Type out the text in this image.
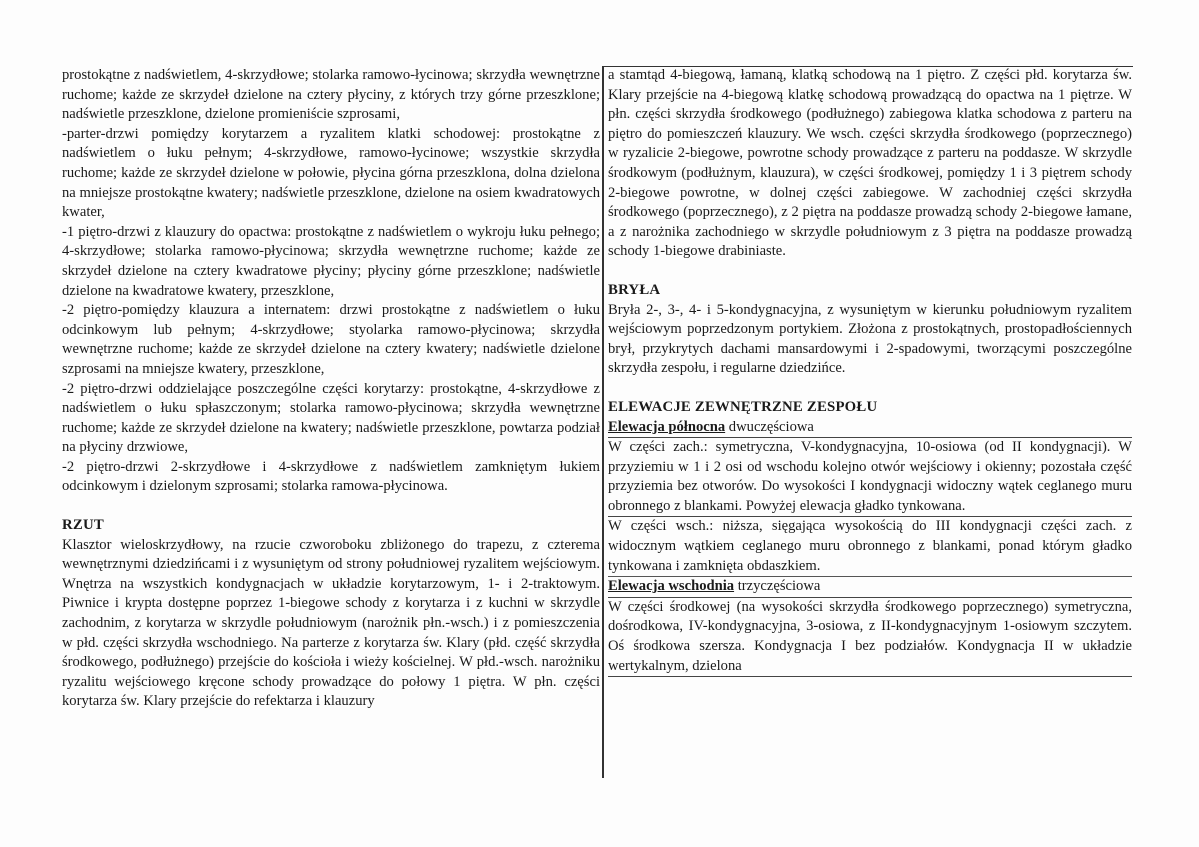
prostokątne z nadświetlem, 4-skrzydłowe; stolarka ramowo-łycinowa; skrzydła wewnętrzne ruchome; każde ze skrzydeł dzielone na cztery płyciny, z których trzy górne przeszklone; nadświetle przeszklone, dzielone promieniście szprosami,

-parter-drzwi pomiędzy korytarzem a ryzalitem klatki schodowej: prostokątne z nadświetlem o łuku pełnym; 4-skrzydłowe, ramowo-łycinowe; wszystkie skrzydła ruchome; każde ze skrzydeł dzielone w połowie, płycina górna przeszklona, dolna dzielona na mniejsze prostokątne kwatery; nadświetle przeszklone, dzielone na osiem kwadratowych kwater,

-1 piętro-drzwi z klauzury do opactwa: prostokątne z nadświetlem o wykroju łuku pełnego; 4-skrzydłowe; stolarka ramowo-płycinowa; skrzydła wewnętrzne ruchome; każde ze skrzydeł dzielone na cztery kwadratowe płyciny; płyciny górne przeszklone; nadświetle dzielone na kwadratowe kwatery, przeszklone,

-2 piętro-pomiędzy klauzura a internatem: drzwi prostokątne z nadświetlem o łuku odcinkowym lub pełnym; 4-skrzydłowe; styolarka ramowo-płycinowa; skrzydła wewnętrzne ruchome; każde ze skrzydeł dzielone na cztery kwatery; nadświetle dzielone szprosami na mniejsze kwatery, przeszklone,

-2 piętro-drzwi oddzielające poszczególne części korytarzy: prostokątne, 4-skrzydłowe z nadświetlem o łuku spłaszczonym; stolarka ramowo-płycinowa; skrzydła wewnętrzne ruchome; każde ze skrzydeł dzielone na kwatery; nadświetle przeszklone, powtarza podział na płyciny drzwiowe,

-2 piętro-drzwi 2-skrzydłowe i 4-skrzydłowe z nadświetlem zamkniętym łukiem odcinkowym i dzielonym szprosami; stolarka ramowa-płycinowa.

RZUT

Klasztor wieloskrzydłowy, na rzucie czworoboku zbliżonego do trapezu, z czterema wewnętrznymi dziedzińcami i z wysuniętym od strony południowej ryzalitem wejściowym. Wnętrza na wszystkich kondygnacjach w układzie korytarzowym, 1- i 2-traktowym. Piwnice i krypta dostępne poprzez 1-biegowe schody z korytarza i z kuchni w skrzydle zachodnim, z korytarza w skrzydle południowym (narożnik płn.-wsch.) i z pomieszczenia w płd. części skrzydła wschodniego. Na parterze z korytarza św. Klary (płd. część skrzydła środkowego, podłużnego) przejście do kościoła i wieży kościelnej. W płd.-wsch. narożniku ryzalitu wejściowego kręcone schody prowadzące do połowy 1 piętra. W płn. części korytarza św. Klary przejście do refektarza i klauzury

a stamtąd 4-biegową, łamaną, klatką schodową na 1 piętro. Z części płd. korytarza św. Klary przejście na 4-biegową klatkę schodową prowadzącą do opactwa na 1 piętrze. W płn. części skrzydła środkowego (podłużnego) zabiegowa klatka schodowa z parteru na piętro do pomieszczeń klauzury. We wsch. części skrzydła środkowego (poprzecznego) w ryzalicie 2-biegowe, powrotne schody prowadzące z parteru na poddasze. W skrzydle środkowym (podłużnym, klauzura), w części środkowej, pomiędzy 1 i 3 piętrem schody 2-biegowe powrotne, w dolnej części zabiegowe. W zachodniej części skrzydła środkowego (poprzecznego), z 2 piętra na poddasze prowadzą schody 2-biegowe łamane, a z narożnika zachodniego w skrzydle południowym z 3 piętra na poddasze prowadzą schody 1-biegowe drabiniaste.

BRYŁA

Bryła 2-, 3-, 4- i 5-kondygnacyjna, z wysuniętym w kierunku południowym ryzalitem wejściowym poprzedzonym portykiem. Złożona z prostokątnych, prostopadłościennych brył, przykrytych dachami mansardowymi i 2-spadowymi, tworzącymi poszczególne skrzydła zespołu, i regularne dziedzińce.

ELEWACJE ZEWNĘTRZNE ZESPOŁU

Elewacja północna dwuczęściowa

W części zach.: symetryczna, V-kondygnacyjna, 10-osiowa (od II kondygnacji). W przyziemiu w 1 i 2 osi od wschodu kolejno otwór wejściowy i okienny; pozostała część przyziemia bez otworów. Do wysokości I kondygnacji widoczny wątek ceglanego muru obronnego z blankami. Powyżej elewacja gładko tynkowana.

W części wsch.: niższa, sięgająca wysokością do III kondygnacji części zach. z widocznym wątkiem ceglanego muru obronnego z blankami, ponad którym gładko tynkowana i zamknięta obdaszkiem.

Elewacja wschodnia trzyczęściowa

W części środkowej (na wysokości skrzydła środkowego poprzecznego) symetryczna, dośrodkowa, IV-kondygnacyjna, 3-osiowa, z II-kondygnacyjnym 1-osiowym szczytem. Oś środkowa szersza. Kondygnacja I bez podziałów. Kondygnacja II w układzie wertykalnym, dzielona
